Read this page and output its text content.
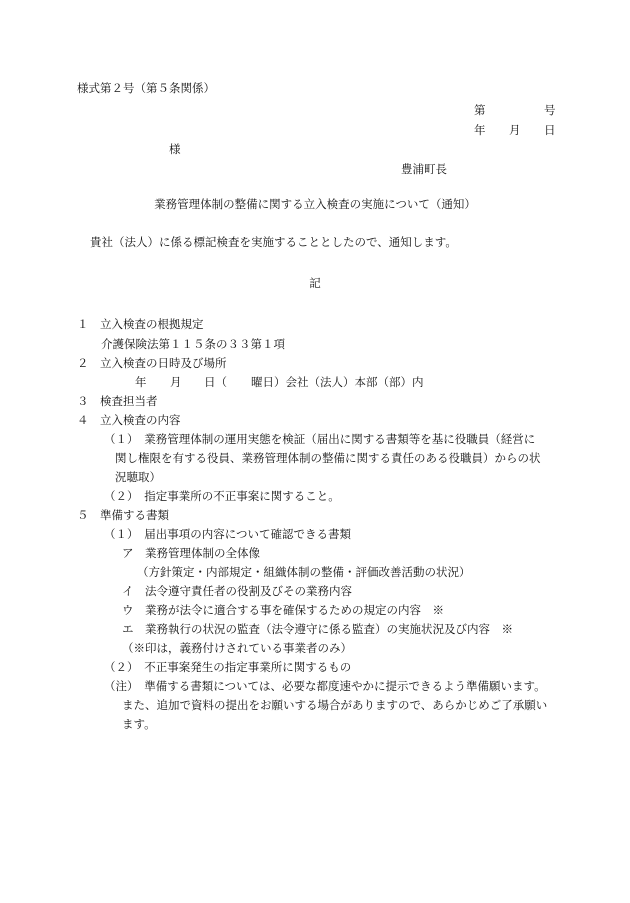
様式第２号（第５条関係）
第	号
年 月 日
様
豊浦町長
業務管理体制の整備に関する立入検査の実施について（通知）
貴社（法人）に係る標記検査を実施することとしたので、通知します。
記
１　立入検査の根拠規定
介護保険法第１１５条の３３第１項
２　立入検査の日時及び場所
年 月 日（ 曜日）会社（法人）本部（部）内
３　検査担当者
４　立入検査の内容
（１）　業務管理体制の運用実態を検証（届出に関する書類等を基に役職員（経営に
関し権限を有する役員、業務管理体制の整備に関する責任のある役職員）からの状
況聴取）
（２）　指定事業所の不正事案に関すること。
５　準備する書類
（１）　届出事項の内容について確認できる書類
ア　業務管理体制の全体像
（方針策定・内部規定・組織体制の整備・評価改善活動の状況）
イ　法令遵守責任者の役割及びその業務内容
ウ　業務が法令に適合する事を確保するための規定の内容　※
エ　業務執行の状況の監査（法令遵守に係る監査）の実施状況及び内容　※
（※印は，義務付けされている事業者のみ）
（２）　不正事案発生の指定事業所に関するもの
（注）　準備する書類については、必要な都度速やかに提示できるよう準備願います。
また、追加で資料の提出をお願いする場合がありますので、あらかじめご了承願い
ます。
